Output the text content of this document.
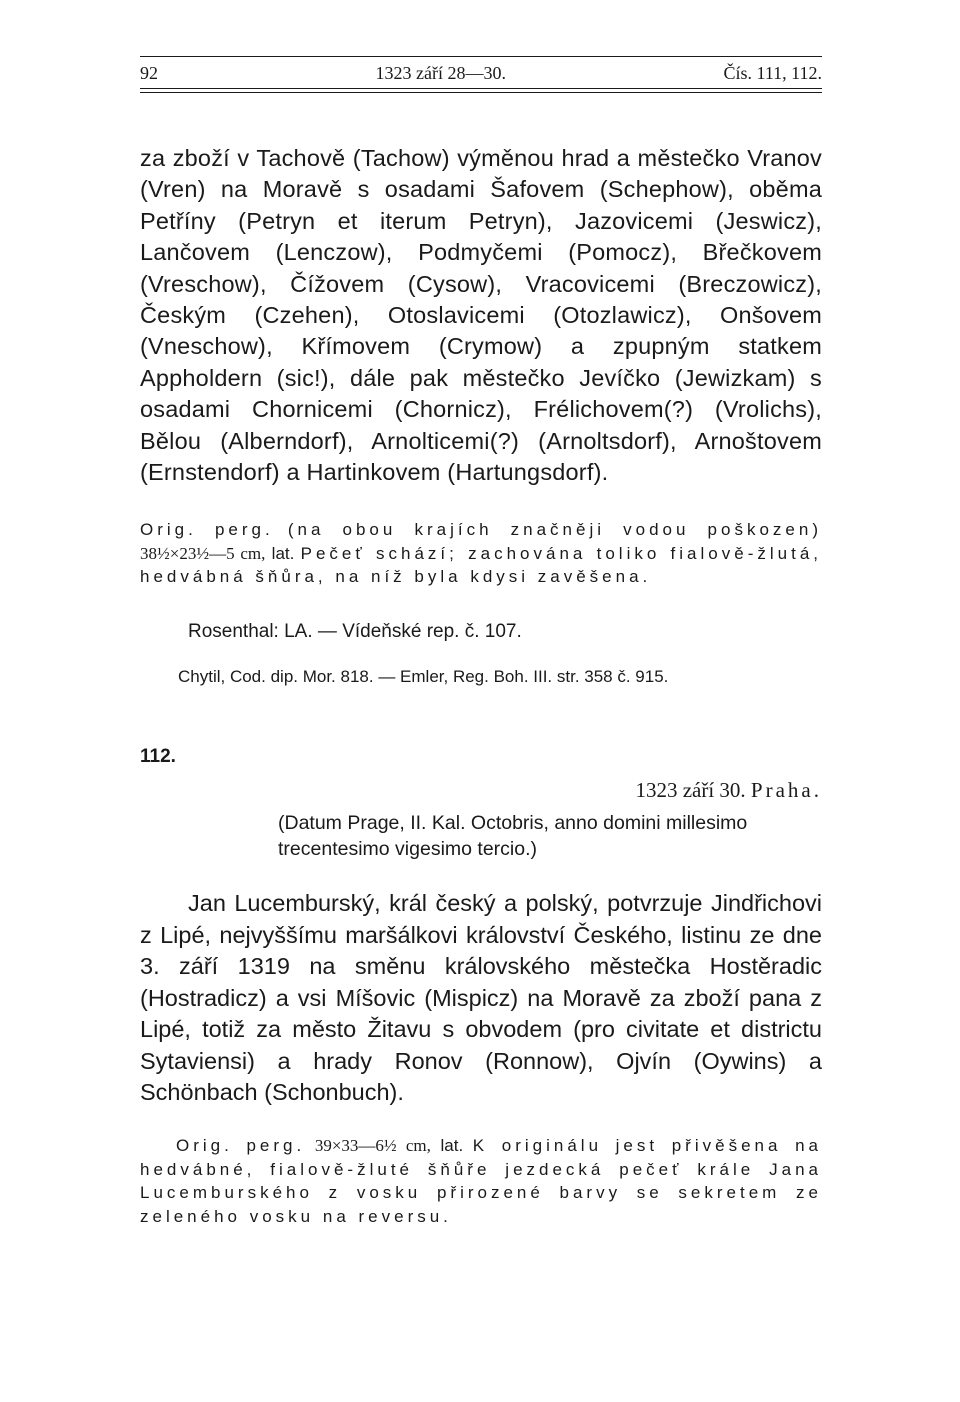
92	1323 září 28—30.	Čís. 111, 112.

za zboží v Tachově (Tachow) výměnou hrad a městečko Vranov (Vren) na Moravě s osadami Šafovem (Schephow), oběma Petříny (Petryn et iterum Petryn), Jazovicemi (Jeswicz), Lančovem (Lenczow), Podmyčemi (Pomocz), Břečkovem (Vreschow), Čížovem (Cysow), Vracovicemi (Breczowicz), Českým (Czehen), Otoslavicemi (Otozlawicz), Onšovem (Vneschow), Křímovem (Crymow) a zpupným statkem Appholdern (sic!), dále pak městečko Jevíčko (Jewizkam) s osadami Chornicemi (Chornicz), Frélichovem(?) (Vrolichs), Bělou (Alberndorf), Arnolticemi(?) (Arnoltsdorf), Arnoštovem (Ernstendorf) a Hartinkovem (Hartungsdorf).

Orig. perg. (na obou krajích značněji vodou poškozen) 38½×23½—5 cm, lat. Pečeť schází; zachována toliko fialově-žlutá, hedvábná šňůra, na níž byla kdysi zavěšena.

Rosenthal: LA. — Vídeňské rep. č. 107.
Chytil, Cod. dip. Mor. 818. — Emler, Reg. Boh. III. str. 358 č. 915.
112.
1323 září 30. Praha.
(Datum Prage, II. Kal. Octobris, anno domini millesimo trecentesimo vigesimo tercio.)

Jan Lucemburský, král český a polský, potvrzuje Jindřichovi z Lipé, nejvyššímu maršálkovi království Českého, listinu ze dne 3. září 1319 na směnu královského městečka Hostěradic (Hostradicz) a vsi Míšovic (Mispicz) na Moravě za zboží pana z Lipé, totiž za město Žitavu s obvodem (pro civitate et districtu Sytaviensi) a hrady Ronov (Ronnow), Ojvín (Oywins) a Schönbach (Schonbuch).

Orig. perg. 39×33—6½ cm, lat. K originálu jest přivěšena na hedvábné, fialově-žluté šňůře jezdecká pečeť krále Jana Lucemburského z vosku přirozené barvy se sekretem ze zeleného vosku na reversu.
